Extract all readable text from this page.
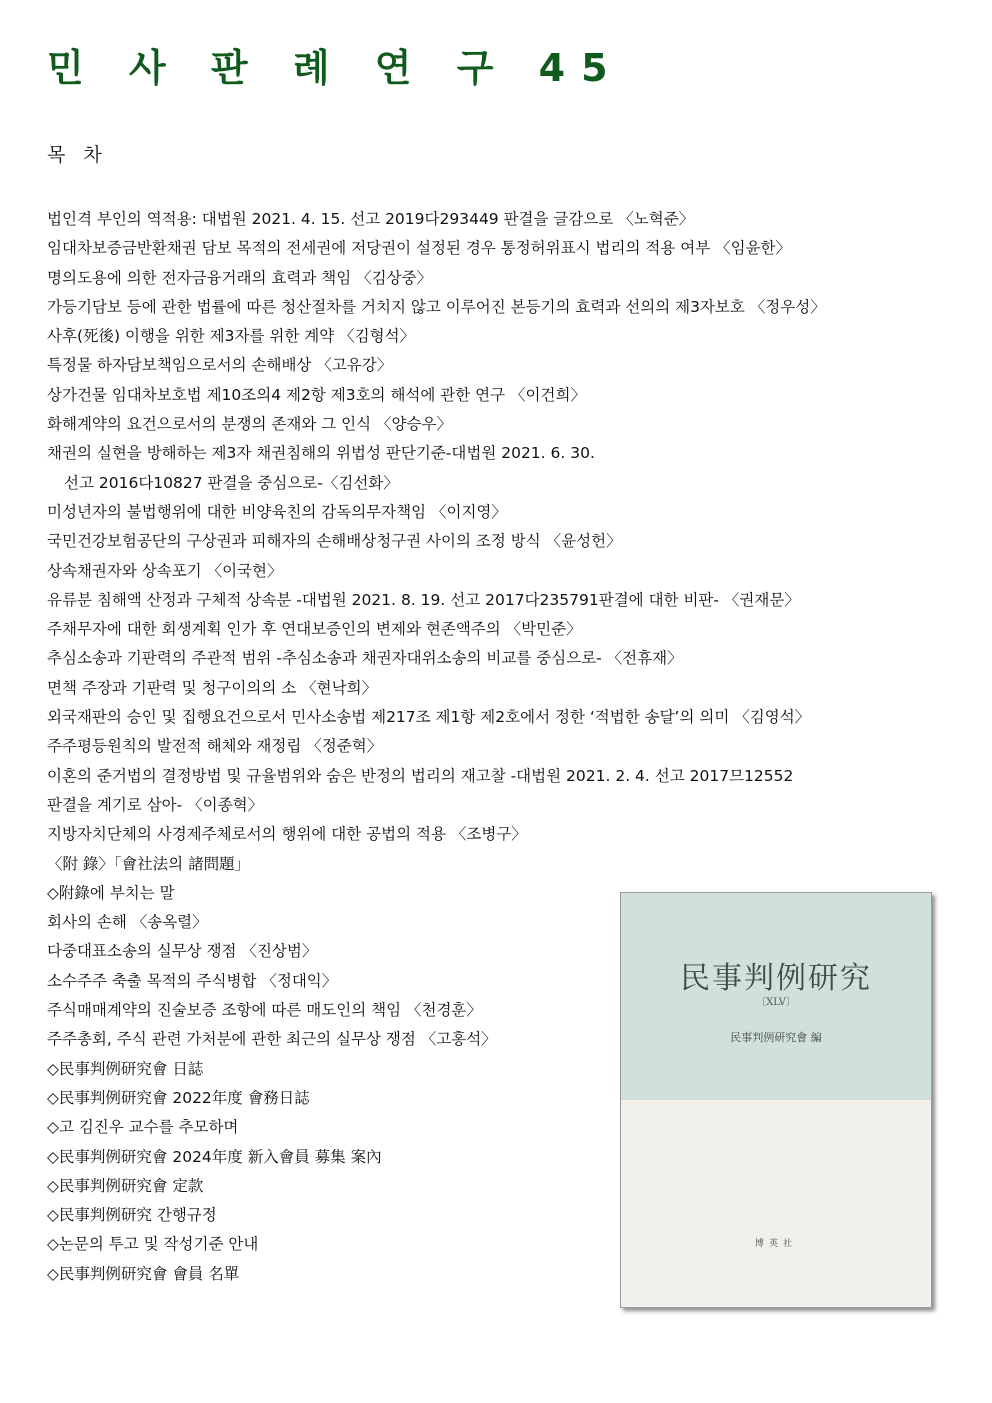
민 사 판 례 연 구 45
목 차
법인격 부인의 역적용: 대법원 2021. 4. 15. 선고 2019다293449 판결을 글감으로 〈노혁준〉
임대차보증금반환채권 담보 목적의 전세권에 저당권이 설정된 경우 통정허위표시 법리의 적용 여부 〈임윤한〉
명의도용에 의한 전자금융거래의 효력과 책임 〈김상중〉
가등기담보 등에 관한 법률에 따른 청산절차를 거치지 않고 이루어진 본등기의 효력과 선의의 제3자보호 〈정우성〉
사후(死後) 이행을 위한 제3자를 위한 계약 〈김형석〉
특정물 하자담보책임으로서의 손해배상 〈고유강〉
상가건물 임대차보호법 제10조의4 제2항 제3호의 해석에 관한 연구 〈이건희〉
화해계약의 요건으로서의 분쟁의 존재와 그 인식 〈양승우〉
채권의 실현을 방해하는 제3자 채권침해의 위법성 판단기준-대법원 2021. 6. 30.
선고 2016다10827 판결을 중심으로-〈김선화〉
미성년자의 불법행위에 대한 비양육친의 감독의무자책임 〈이지영〉
국민건강보험공단의 구상권과 피해자의 손해배상청구권 사이의 조정 방식 〈윤성헌〉
상속채권자와 상속포기 〈이국현〉
유류분 침해액 산정과 구체적 상속분 -대법원 2021. 8. 19. 선고 2017다235791판결에 대한 비판- 〈권재문〉
주채무자에 대한 회생계획 인가 후 연대보증인의 변제와 현존액주의 〈박민준〉
추심소송과 기판력의 주관적 범위 -추심소송과 채권자대위소송의 비교를 중심으로- 〈전휴재〉
면책 주장과 기판력 및 청구이의의 소 〈현낙희〉
외국재판의 승인 및 집행요건으로서 민사소송법 제217조 제1항 제2호에서 정한 ‘적법한 송달’의 의미 〈김영석〉
주주평등원칙의 발전적 해체와 재정립 〈정준혁〉
이혼의 준거법의 결정방법 및 규율범위와 숨은 반정의 법리의 재고찰 -대법원 2021. 2. 4. 선고 2017므12552
판결을 계기로 삼아- 〈이종혁〉
지방자치단체의 사경제주체로서의 행위에 대한 공법의 적용 〈조병구〉
〈附 錄〉「會社法의 諸問題」
◇附錄에 부치는 말
회사의 손해 〈송옥렬〉
다중대표소송의 실무상 쟁점 〈진상범〉
소수주주 축출 목적의 주식병합 〈정대익〉
주식매매계약의 진술보증 조항에 따른 매도인의 책임 〈천경훈〉
주주총회, 주식 관련 가처분에 관한 최근의 실무상 쟁점 〈고홍석〉
◇民事判例研究會 日誌
◇民事判例研究會 2022年度 會務日誌
◇고 김진우 교수를 추모하며
◇民事判例研究會 2024年度 新入會員 募集 案內
◇民事判例研究會 定款
◇民事判例研究 간행규정
◇논문의 투고 및 작성기준 안내
◇民事判例研究會 會員 名單
民事判例研究
〔XLV〕
民事判例研究會 編
博英社
